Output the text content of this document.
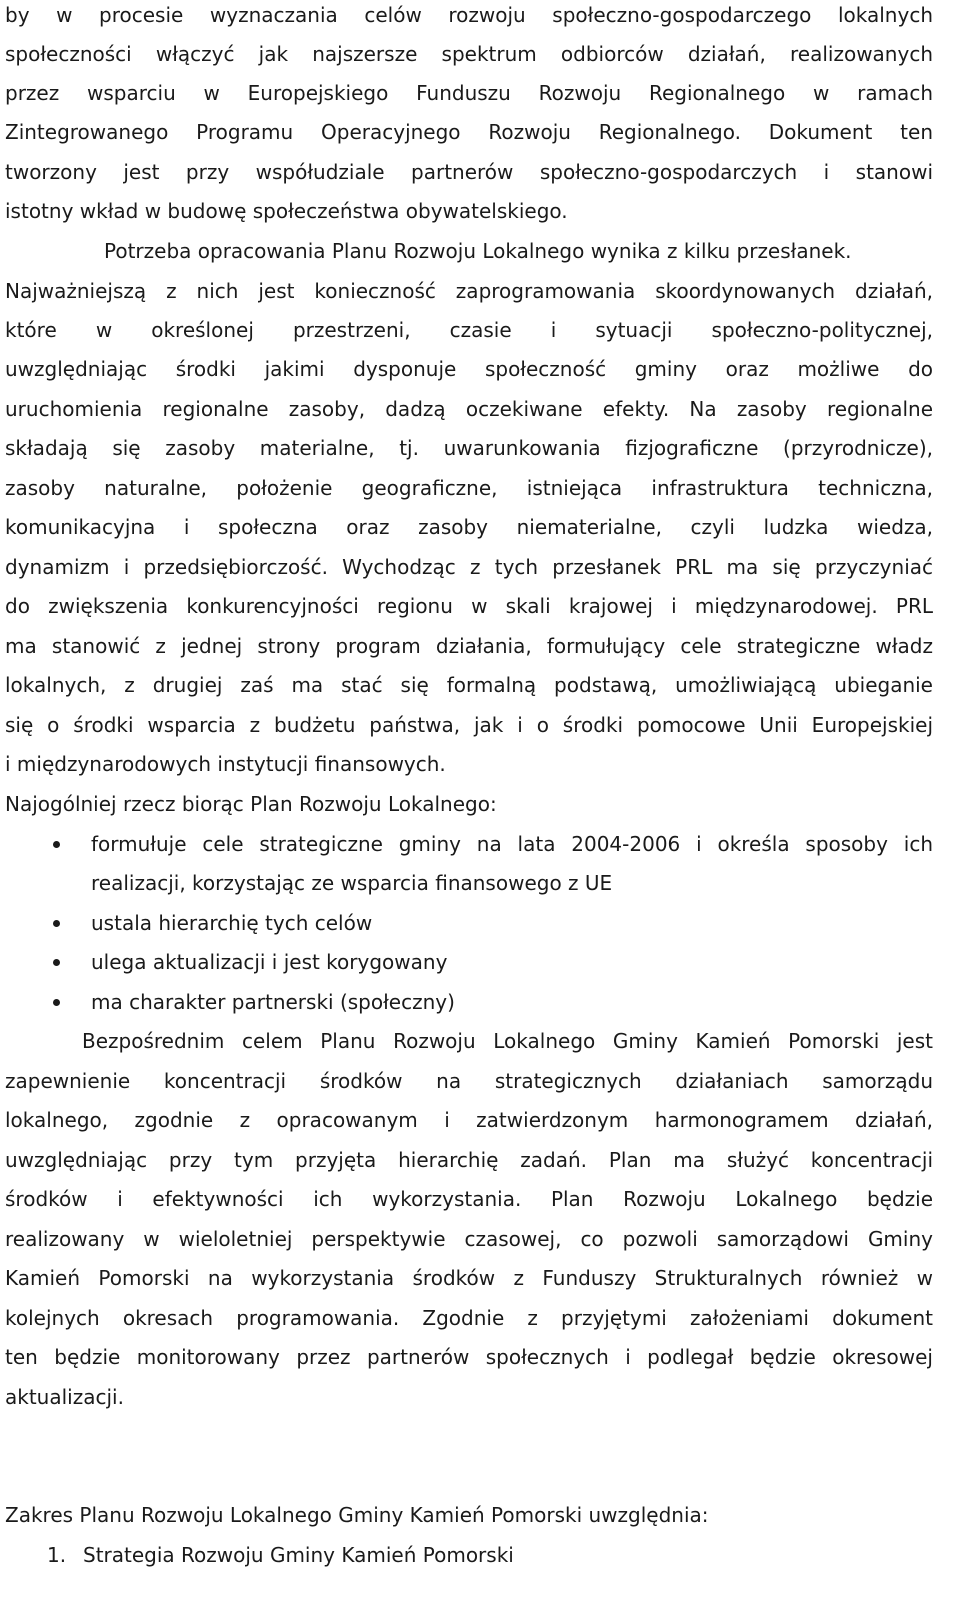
by w procesie wyznaczania celów rozwoju społeczno-gospodarczego lokalnych
społeczności włączyć jak najszersze spektrum odbiorców działań, realizowanych
przez wsparciu w Europejskiego Funduszu Rozwoju Regionalnego w ramach
Zintegrowanego Programu Operacyjnego Rozwoju Regionalnego. Dokument ten
tworzony jest przy współudziale partnerów społeczno-gospodarczych i stanowi
istotny wkład w budowę społeczeństwa obywatelskiego.
Potrzeba opracowania Planu Rozwoju Lokalnego wynika z kilku przesłanek.
Najważniejszą z nich jest konieczność zaprogramowania skoordynowanych działań,
które w określonej przestrzeni, czasie i sytuacji społeczno-politycznej,
uwzględniając środki jakimi dysponuje społeczność gminy oraz możliwe do
uruchomienia regionalne zasoby, dadzą oczekiwane efekty. Na zasoby regionalne
składają się zasoby materialne, tj. uwarunkowania fizjograficzne (przyrodnicze),
zasoby naturalne, położenie geograficzne, istniejąca infrastruktura techniczna,
komunikacyjna i społeczna oraz zasoby niematerialne, czyli ludzka wiedza,
dynamizm i przedsiębiorczość. Wychodząc z tych przesłanek PRL ma się przyczyniać
do zwiększenia konkurencyjności regionu w skali krajowej i międzynarodowej. PRL
ma stanowić z jednej strony program działania, formułujący cele strategiczne władz
lokalnych, z drugiej zaś ma stać się formalną podstawą, umożliwiającą ubieganie
się o środki wsparcia z budżetu państwa, jak i o środki pomocowe Unii Europejskiej
i międzynarodowych instytucji finansowych.
Najogólniej rzecz biorąc Plan Rozwoju Lokalnego:
formułuje cele strategiczne gminy na lata 2004-2006 i określa sposoby ich
realizacji, korzystając ze wsparcia finansowego z UE
ustala hierarchię tych celów
ulega aktualizacji i jest korygowany
ma charakter partnerski (społeczny)
Bezpośrednim celem Planu Rozwoju Lokalnego Gminy Kamień Pomorski jest
zapewnienie koncentracji środków na strategicznych działaniach samorządu
lokalnego, zgodnie z opracowanym i zatwierdzonym harmonogramem działań,
uwzględniając przy tym przyjęta hierarchię zadań. Plan ma służyć koncentracji
środków i efektywności ich wykorzystania. Plan Rozwoju Lokalnego będzie
realizowany w wieloletniej perspektywie czasowej, co pozwoli samorządowi Gminy
Kamień Pomorski na wykorzystania środków z Funduszy Strukturalnych również w
kolejnych okresach programowania. Zgodnie z przyjętymi założeniami dokument
ten będzie monitorowany przez partnerów społecznych i podlegał będzie okresowej
aktualizacji.
Zakres Planu Rozwoju Lokalnego Gminy Kamień Pomorski uwzględnia:
1. Strategia Rozwoju Gminy Kamień Pomorski
